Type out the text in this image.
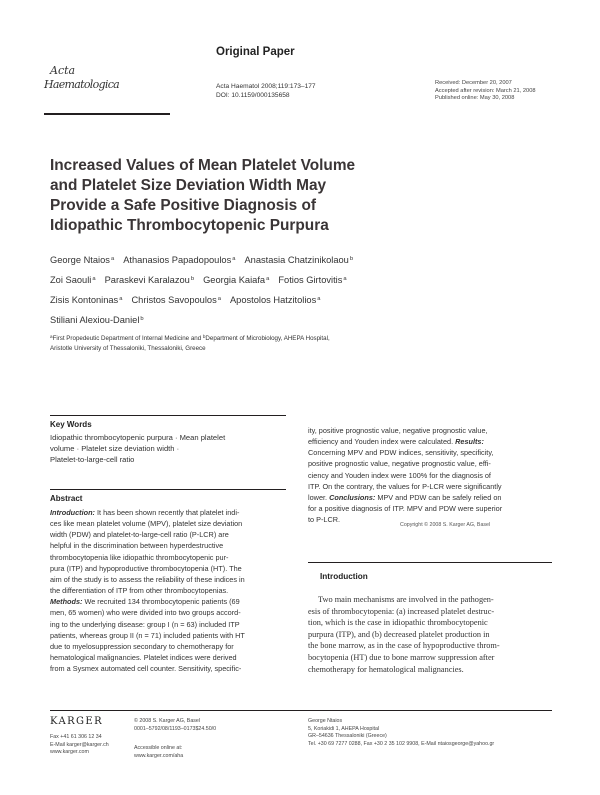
Original Paper
Acta
Haematologica	Acta Haematol 2008;119:173–177
DOI: 10.1159/000135658
Received: December 20, 2007
Accepted after revision: March 21, 2008
Published online: May 30, 2008
Increased Values of Mean Platelet Volume
and Platelet Size Deviation Width May
Provide a Safe Positive Diagnosis of
Idiopathic Thrombocytopenic Purpura
George Ntaios$^a$ Athanasios Papadopoulos$^a$ Anastasia Chatzinikolaou$^b$
Zoi Saouli$^a$ Paraskevi Karalazou$^b$ Georgia Kaiafa$^a$ Fotios Girtovitis$^a$
Zisis Kontoninas$^a$ Christos Savopoulos$^a$ Apostolos Hatzitolios$^a$
Stiliani Alexiou-Daniel$^b$
$^a$First Propedeutic Department of Internal Medicine and $^b$Department of Microbiology, AHEPA Hospital,
Aristotle University of Thessaloniki, Thessaloniki, Greece
Key Words
Idiopathic thrombocytopenic purpura · Mean platelet
volume · Platelet size deviation width ·
Platelet-to-large-cell ratio
Abstract
Introduction: It has been shown recently that platelet indi-
ces like mean platelet volume (MPV), platelet size deviation
width (PDW) and platelet-to-large-cell ratio (P-LCR) are
helpful in the discrimination between hyperdestructive
thrombocytopenia like idiopathic thrombocytopenic pur-
pura (ITP) and hypoproductive thrombocytopenia (HT). The
aim of the study is to assess the reliability of these indices in
the differentiation of ITP from other thrombocytopenias.
Methods: We recruited 134 thrombocytopenic patients (69
men, 65 women) who were divided into two groups accord-
ing to the underlying disease: group I (n = 63) included ITP
patients, whereas group II (n = 71) included patients with HT
due to myelosuppression secondary to chemotherapy for
hematological malignancies. Platelet indices were derived
from a Sysmex automated cell counter. Sensitivity, specific-
ity, positive prognostic value, negative prognostic value,
efficiency and Youden index were calculated. Results:
Concerning MPV and PDW indices, sensitivity, specificity,
positive prognostic value, negative prognostic value, effi-
ciency and Youden index were 100% for the diagnosis of
ITP. On the contrary, the values for P-LCR were significantly
lower. Conclusions: MPV and PDW can be safely relied on
for a positive diagnosis of ITP. MPV and PDW were superior
to P-LCR.
Copyright © 2008 S. Karger AG, Basel
Introduction
Two main mechanisms are involved in the pathogen-
esis of thrombocytopenia: (a) increased platelet destruc-
tion, which is the case in idiopathic thrombocytopenic
purpura (ITP), and (b) decreased platelet production in
the bone marrow, as in the case of hypoproductive throm-
bocytopenia (HT) due to bone marrow suppression after
chemotherapy for hematological malignancies.
KARGER
Fax +41 61 306 12 34
E-Mail karger@karger.ch
www.karger.com
© 2008 S. Karger AG, Basel
0001–5792/08/1193–0173$24.50/0
Accessible online at:
www.karger.com/aha
George Ntaios
5, Koriakidi 1, AHEPA Hospital
GR–54636 Thessaloniki (Greece)
Tel. +30 69 7277 0288, Fax +30 2 35 102 9908, E-Mail ntaiosgeorge@yahoo.gr
